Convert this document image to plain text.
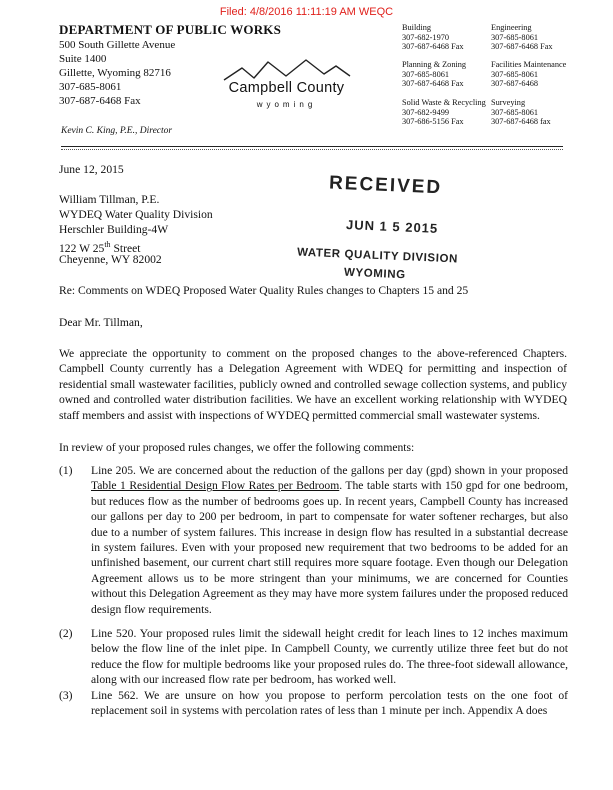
Filed: 4/8/2016 11:11:19 AM WEQC
DEPARTMENT OF PUBLIC WORKS
500 South Gillette Avenue
Suite 1400
Gillette, Wyoming 82716
307-685-8061
307-687-6468 Fax
Kevin C. King, P.E., Director
Campbell County
wyoming
Building
307-682-1970
307-687-6468 Fax
Engineering
307-685-8061
307-687-6468 Fax
Planning & Zoning
307-685-8061
307-687-6468 Fax
Facilities Maintenance
307-685-8061
307-687-6468
Solid Waste & Recycling
307-682-9499
307-686-5156 Fax
Surveying
307-685-8061
307-687-6468 fax
RECEIVED
JUN 1 5 2015
WATER QUALITY DIVISION
WYOMING
June 12, 2015
William Tillman, P.E.
WYDEQ Water Quality Division
Herschler Building-4W
122 W 25th Street
Cheyenne, WY 82002
Re: Comments on WDEQ Proposed Water Quality Rules changes to Chapters 15 and 25
Dear Mr. Tillman,
We appreciate the opportunity to comment on the proposed changes to the above-referenced Chapters. Campbell County currently has a Delegation Agreement with WDEQ for permitting and inspection of residential small wastewater facilities, publicly owned and controlled sewage collection systems, and publicy owned and controlled water distribution facilities. We have an excellent working relationship with WYDEQ staff members and assist with inspections of WYDEQ permitted commercial small wastewater systems.
In review of your proposed rules changes, we offer the following comments:
(1) Line 205. We are concerned about the reduction of the gallons per day (gpd) shown in your proposed Table 1 Residential Design Flow Rates per Bedroom. The table starts with 150 gpd for one bedroom, but reduces flow as the number of bedrooms goes up. In recent years, Campbell County has increased our gallons per day to 200 per bedroom, in part to compensate for water softener recharges, but also due to a number of system failures. This increase in design flow has resulted in a substantial decrease in system failures. Even with your proposed new requirement that two bedrooms to be added for an unfinished basement, our current chart still requires more square footage. Even though our Delegation Agreement allows us to be more stringent than your minimums, we are concerned for Counties without this Delegation Agreement as they may have more system failures under the proposed reduced design flow requirements.
(2) Line 520. Your proposed rules limit the sidewall height credit for leach lines to 12 inches maximum below the flow line of the inlet pipe. In Campbell County, we currently utilize three feet but do not reduce the flow for multiple bedrooms like your proposed rules do. The three-foot sidewall allowance, along with our increased flow rate per bedroom, has worked well.
(3) Line 562. We are unsure on how you propose to perform percolation tests on the one foot of replacement soil in systems with percolation rates of less than 1 minute per inch. Appendix A does
